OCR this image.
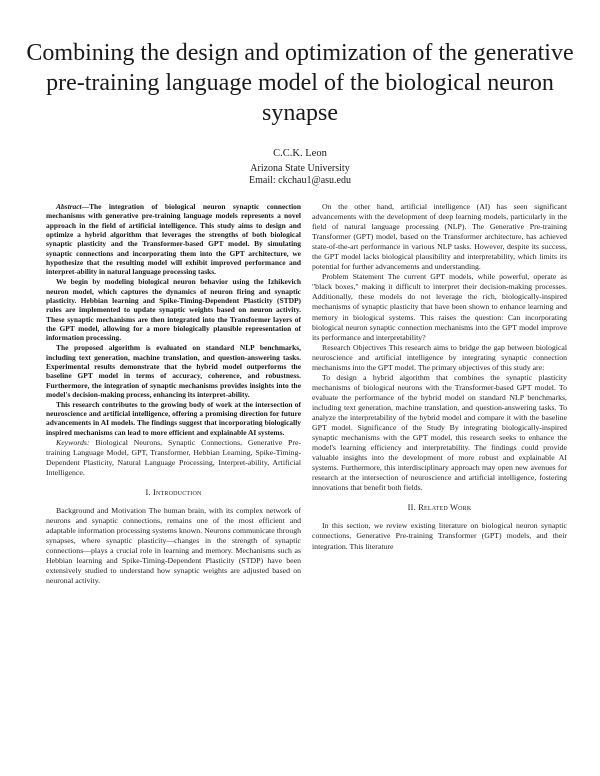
Combining the design and optimization of the generative pre-training language model of the biological neuron synapse
C.C.K. Leon
Arizona State University
Email: ckchau1@asu.edu

Abstract—The integration of biological neuron synaptic connection mechanisms with generative pre-training language models represents a novel approach in the field of artificial intelligence. This study aims to design and optimize a hybrid algorithm that leverages the strengths of both biological synaptic plasticity and the Transformer-based GPT model. By simulating synaptic connections and incorporating them into the GPT architecture, we hypothesize that the resulting model will exhibit improved performance and interpret-ability in natural language processing tasks.

We begin by modeling biological neuron behavior using the Izhikevich neuron model, which captures the dynamics of neuron firing and synaptic plasticity. Hebbian learning and Spike-Timing-Dependent Plasticity (STDP) rules are implemented to update synaptic weights based on neuron activity. These synaptic mechanisms are then integrated into the Transformer layers of the GPT model, allowing for a more biologically plausible representation of information processing.

The proposed algorithm is evaluated on standard NLP benchmarks, including text generation, machine translation, and question-answering tasks. Experimental results demonstrate that the hybrid model outperforms the baseline GPT model in terms of accuracy, coherence, and robustness. Furthermore, the integration of synaptic mechanisms provides insights into the model's decision-making process, enhancing its interpret-ability.

This research contributes to the growing body of work at the intersection of neuroscience and artificial intelligence, offering a promising direction for future advancements in AI models. The findings suggest that incorporating biologically inspired mechanisms can lead to more efficient and explainable AI systems.

Keywords: Biological Neurons, Synaptic Connections, Generative Pre-training Language Model, GPT, Transformer, Hebbian Learning, Spike-Timing-Dependent Plasticity, Natural Language Processing, Interpret-ability, Artificial Intelligence.

I. Introduction

Background and Motivation The human brain, with its complex network of neurons and synaptic connections, remains one of the most efficient and adaptable information processing systems known. Neurons communicate through synapses, where synaptic plasticity—changes in the strength of synaptic connections—plays a crucial role in learning and memory. Mechanisms such as Hebbian learning and Spike-Timing-Dependent Plasticity (STDP) have been extensively studied to understand how synaptic weights are adjusted based on neuronal activity.

On the other hand, artificial intelligence (AI) has seen significant advancements with the development of deep learning models, particularly in the field of natural language processing (NLP). The Generative Pre-training Transformer (GPT) model, based on the Transformer architecture, has achieved state-of-the-art performance in various NLP tasks. However, despite its success, the GPT model lacks biological plausibility and interpretability, which limits its potential for further advancements and understanding.

Problem Statement The current GPT models, while powerful, operate as "black boxes," making it difficult to interpret their decision-making processes. Additionally, these models do not leverage the rich, biologically-inspired mechanisms of synaptic plasticity that have been shown to enhance learning and memory in biological systems. This raises the question: Can incorporating biological neuron synaptic connection mechanisms into the GPT model improve its performance and interpretability?

Research Objectives This research aims to bridge the gap between biological neuroscience and artificial intelligence by integrating synaptic connection mechanisms into the GPT model. The primary objectives of this study are:

To design a hybrid algorithm that combines the synaptic plasticity mechanisms of biological neurons with the Transformer-based GPT model. To evaluate the performance of the hybrid model on standard NLP benchmarks, including text generation, machine translation, and question-answering tasks. To analyze the interpretability of the hybrid model and compare it with the baseline GPT model. Significance of the Study By integrating biologically-inspired synaptic mechanisms with the GPT model, this research seeks to enhance the model's learning efficiency and interpretability. The findings could provide valuable insights into the development of more robust and explainable AI systems. Furthermore, this interdisciplinary approach may open new avenues for research at the intersection of neuroscience and artificial intelligence, fostering innovations that benefit both fields.

II. Related Work

In this section, we review existing literature on biological neuron synaptic connections, Generative Pre-training Transformer (GPT) models, and their integration. This literature
